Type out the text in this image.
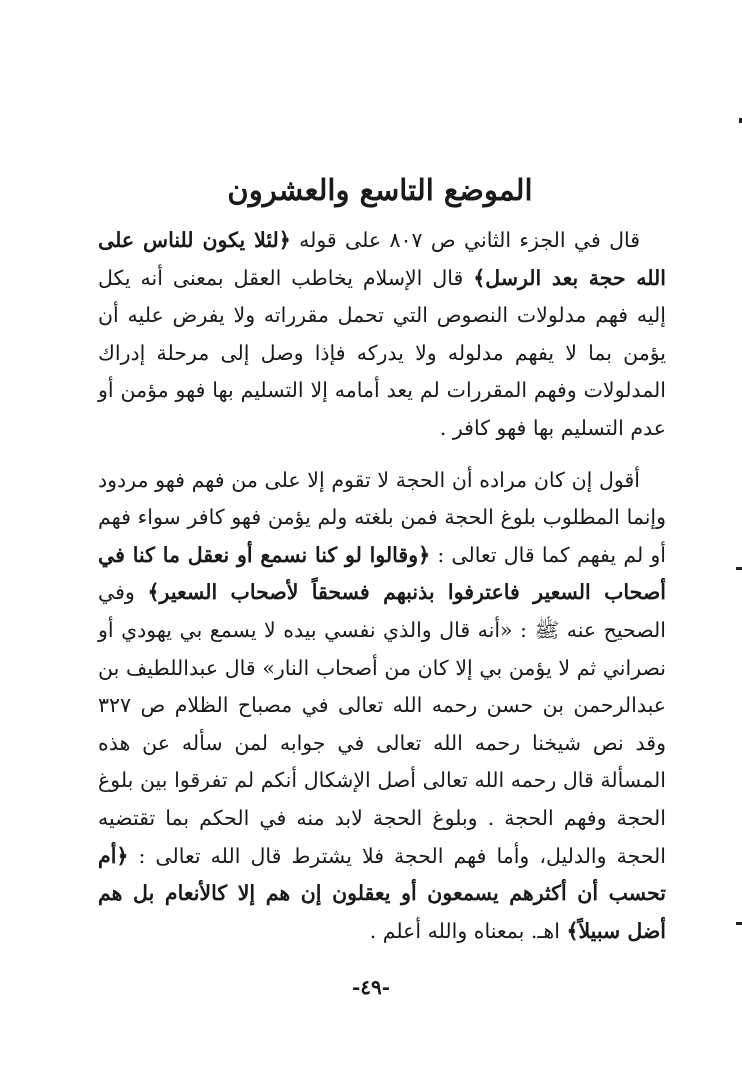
الموضع التاسع والعشرون

قال في الجزء الثاني ص ٨٠٧ على قوله ﴿لئلا يكون للناس على الله حجة بعد الرسل﴾ قال الإسلام يخاطب العقل بمعنى أنه يكل إليه فهم مدلولات النصوص التي تحمل مقرراته ولا يفرض عليه أن يؤمن بما لا يفهم مدلوله ولا يدركه فإذا وصل إلى مرحلة إدراك المدلولات وفهم المقررات لم يعد أمامه إلا التسليم بها فهو مؤمن أو عدم التسليم بها فهو كافر .

أقول إن كان مراده أن الحجة لا تقوم إلا على من فهم فهو مردود وإنما المطلوب بلوغ الحجة فمن بلغته ولم يؤمن فهو كافر سواء فهم أو لم يفهم كما قال تعالى : ﴿وقالوا لو كنا نسمع أو نعقل ما كنا في أصحاب السعير فاعترفوا بذنبهم فسحقاً لأصحاب السعير﴾ وفي الصحيح عنه ﷺ : «أنه قال والذي نفسي بيده لا يسمع بي يهودي أو نصراني ثم لا يؤمن بي إلا كان من أصحاب النار» قال عبداللطيف بن عبدالرحمن بن حسن رحمه الله تعالى في مصباح الظلام ص ٣٢٧ وقد نص شيخنا رحمه الله تعالى في جوابه لمن سأله عن هذه المسألة قال رحمه الله تعالى أصل الإشكال أنكم لم تفرقوا بين بلوغ الحجة وفهم الحجة . وبلوغ الحجة لابد منه في الحكم بما تقتضيه الحجة والدليل، وأما فهم الحجة فلا يشترط قال الله تعالى : ﴿أم تحسب أن أكثرهم يسمعون أو يعقلون إن هم إلا كالأنعام بل هم أضل سبيلاً﴾ اهـ. بمعناه والله أعلم .

-٤٩-
